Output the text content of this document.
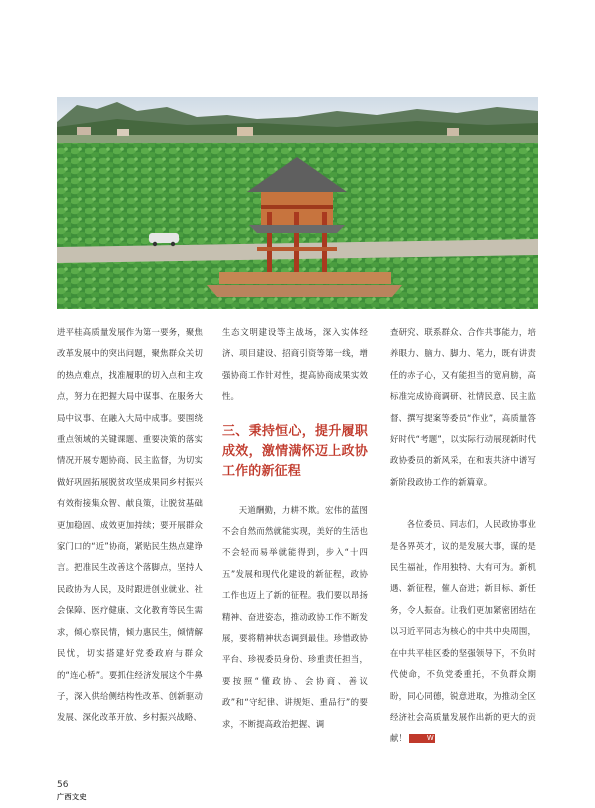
进平桂高质量发展作为第一要务，聚焦改革发展中的突出问题，聚焦群众关切的热点难点，找准履职的切入点和主攻点，努力在把握大局中谋事、在服务大局中议事、在融入大局中成事。要围绕重点领域的关键课题、重要决策的落实情况开展专题协商、民主监督，为切实做好巩固拓展脱贫攻坚成果同乡村振兴有效衔接集众智、献良策，让脱贫基础更加稳固、成效更加持续；要开展群众家门口的“近”协商，紧贴民生热点建诤言。把准民生改善这个落脚点，坚持人民政协为人民，及时跟进创业就业、社会保障、医疗健康、文化教育等民生需求，倾心察民情，倾力惠民生，倾情解民忧，切实搭建好党委政府与群众的“连心桥”。要抓住经济发展这个牛鼻子，深入供给侧结构性改革、创新驱动发展、深化改革开放、乡村振兴战略、

生态文明建设等主战场，深入实体经济、项目建设、招商引资等第一线，增强协商工作针对性，提高协商成果实效性。

三、秉持恒心，提升履职成效，激情满怀迈上政协工作的新征程

天道酬勤，力耕不欺。宏伟的蓝图不会自然而然就能实现，美好的生活也不会轻而易举就能得到，步入“十四五”发展和现代化建设的新征程，政协工作也迈上了新的征程。我们要以昂扬精神、奋进姿态，推动政协工作不断发展，要将精神状态调到最佳。珍惜政协平台、珍视委员身份、珍重责任担当，要按照“懂政协、会协商、善议政”和“守纪律、讲规矩、重品行”的要求，不断提高政治把握、调

查研究、联系群众、合作共事能力，培养眼力、脑力、脚力、笔力，既有讲责任的赤子心，又有能担当的宽肩膀，高标准完成协商调研、社情民意、民主监督、撰写提案等委员“作业”，高质量答好时代“考题”，以实际行动展现新时代政协委员的新风采，在和衷共济中谱写新阶段政协工作的新篇章。

各位委员、同志们，人民政协事业是各界英才，议的是发展大事，谋的是民生福祉，作用独特、大有可为。新机遇、新征程，催人奋进；新目标、新任务，令人振奋。让我们更加紧密团结在以习近平同志为核心的中共中央周围，在中共平桂区委的坚强领导下，不负时代使命，不负党委重托，不负群众期盼，同心同德，锐意进取，为推动全区经济社会高质量发展作出新的更大的贡献！	W

56
广西文史
